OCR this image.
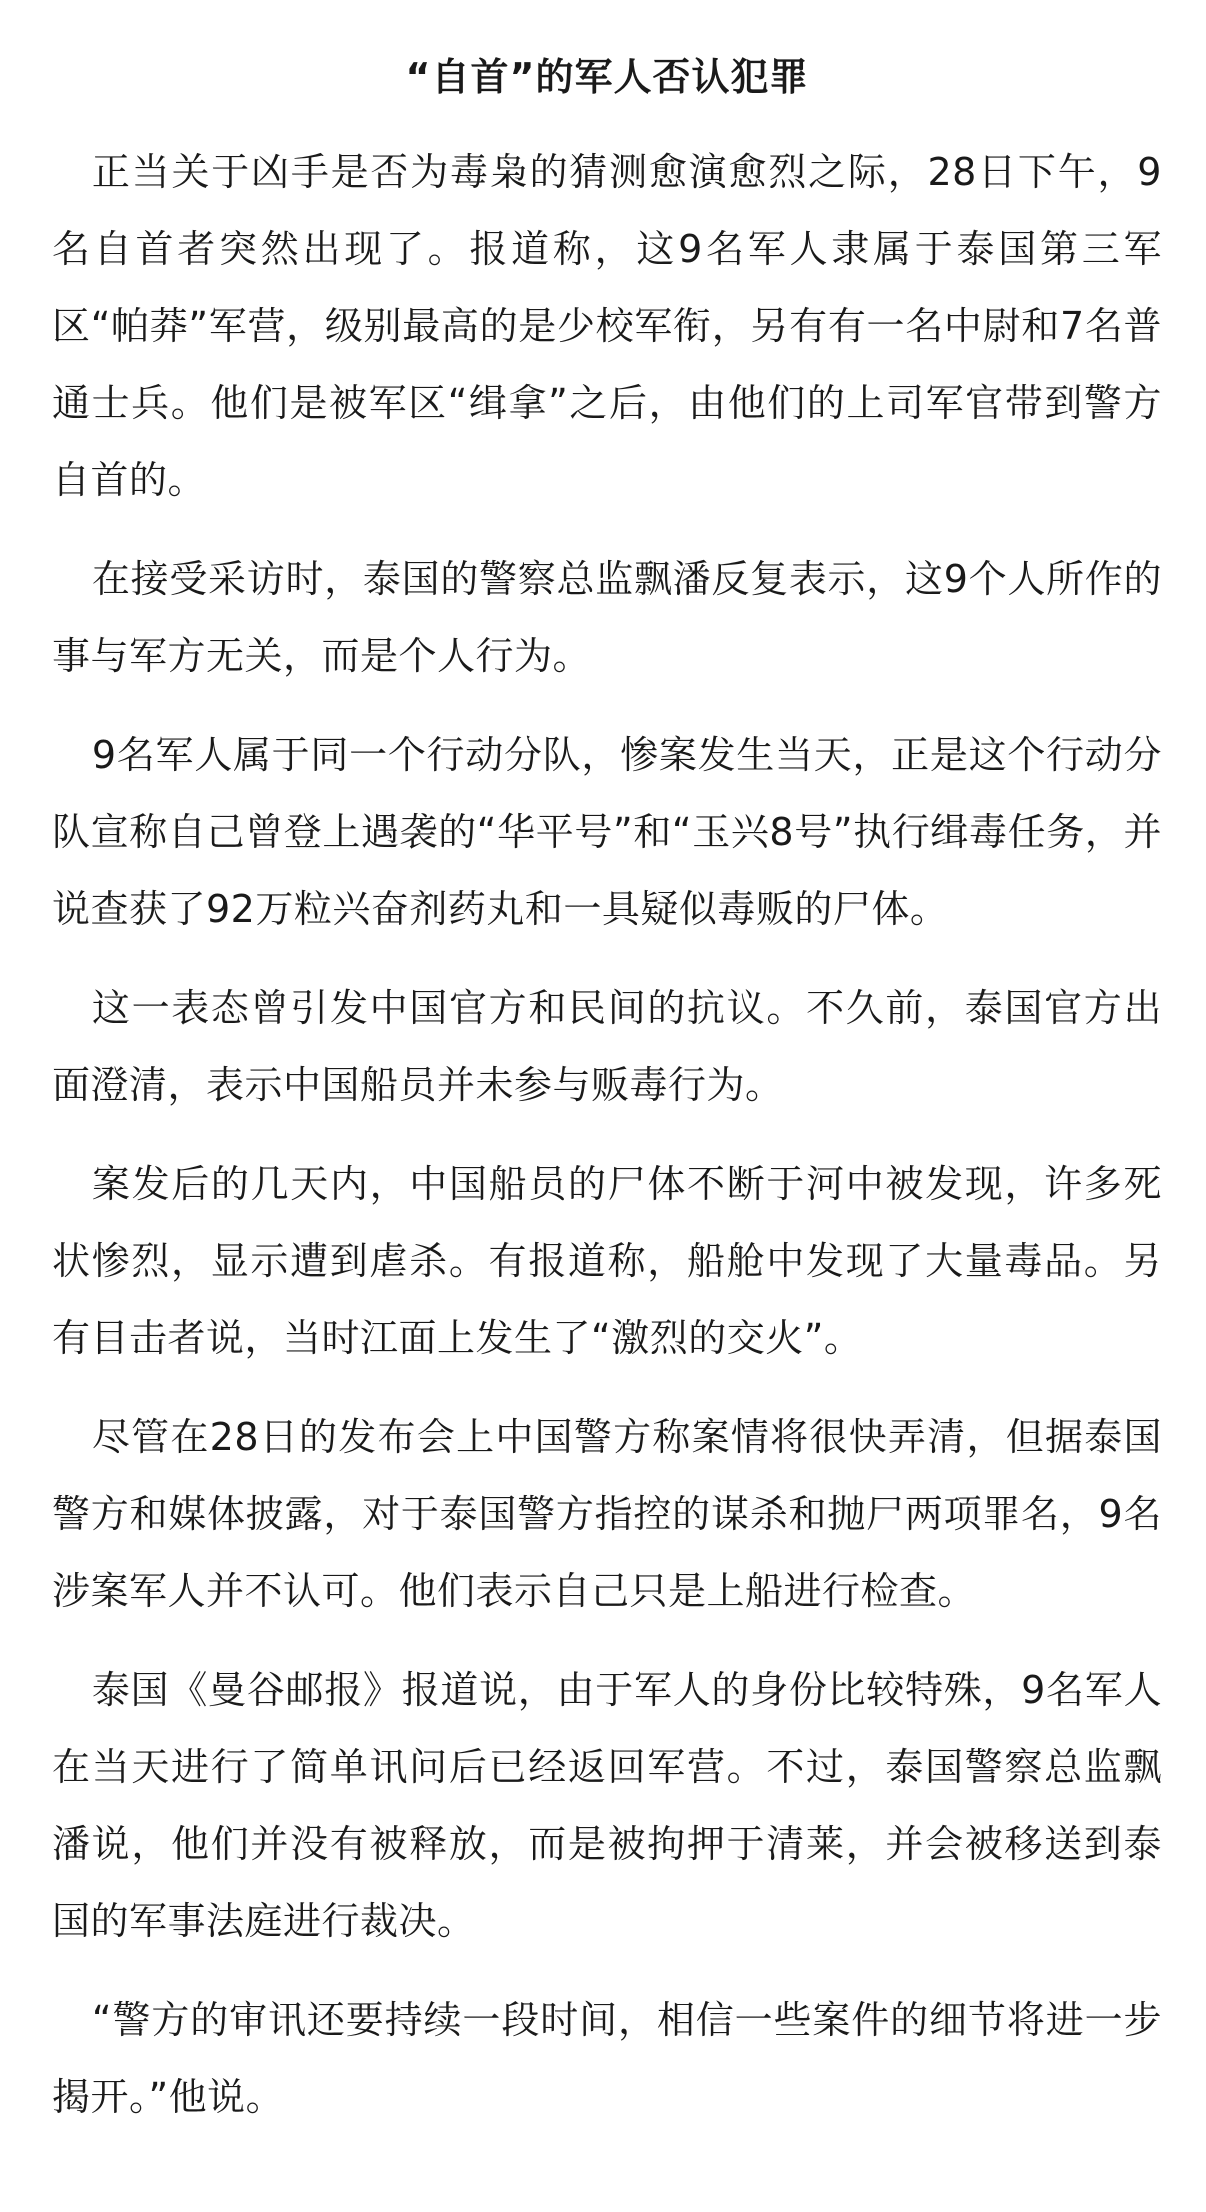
“自首”的军人否认犯罪

正当关于凶手是否为毒枭的猜测愈演愈烈之际，28日下午，9名自首者突然出现了。报道称，这9名军人隶属于泰国第三军区“帕莽”军营，级别最高的是少校军衔，另有有一名中尉和7名普通士兵。他们是被军区“缉拿”之后，由他们的上司军官带到警方自首的。

在接受采访时，泰国的警察总监飘潘反复表示，这9个人所作的事与军方无关，而是个人行为。

9名军人属于同一个行动分队，惨案发生当天，正是这个行动分队宣称自己曾登上遇袭的“华平号”和“玉兴8号”执行缉毒任务，并说查获了92万粒兴奋剂药丸和一具疑似毒贩的尸体。

这一表态曾引发中国官方和民间的抗议。不久前，泰国官方出面澄清，表示中国船员并未参与贩毒行为。

案发后的几天内，中国船员的尸体不断于河中被发现，许多死状惨烈，显示遭到虐杀。有报道称，船舱中发现了大量毒品。另有目击者说，当时江面上发生了“激烈的交火”。

尽管在28日的发布会上中国警方称案情将很快弄清，但据泰国警方和媒体披露，对于泰国警方指控的谋杀和抛尸两项罪名，9名涉案军人并不认可。他们表示自己只是上船进行检查。

泰国《曼谷邮报》报道说，由于军人的身份比较特殊，9名军人在当天进行了简单讯问后已经返回军营。不过，泰国警察总监飘潘说，他们并没有被释放，而是被拘押于清莱，并会被移送到泰国的军事法庭进行裁决。

“警方的审讯还要持续一段时间，相信一些案件的细节将进一步揭开。”他说。
